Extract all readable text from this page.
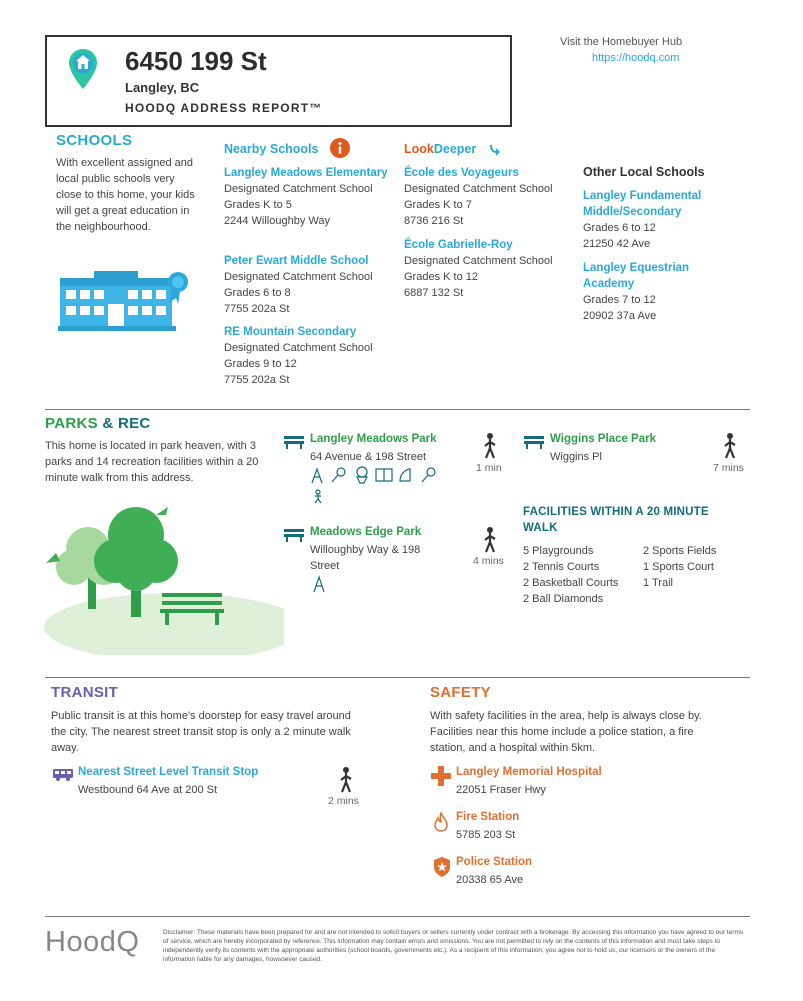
6450 199 St
Langley, BC
HOODQ ADDRESS REPORT™
Visit the Homebuyer Hub
https://hoodq.com
SCHOOLS
With excellent assigned and local public schools very close to this home, your kids will get a great education in the neighbourhood.
Nearby Schools
Langley Meadows Elementary
Designated Catchment School
Grades K to 5
2244 Willoughby Way
Peter Ewart Middle School
Designated Catchment School
Grades 6 to 8
7755 202a St
RE Mountain Secondary
Designated Catchment School
Grades 9 to 12
7755 202a St
LookDeeper
École des Voyageurs
Designated Catchment School
Grades K to 7
8736 216 St
École Gabrielle-Roy
Designated Catchment School
Grades K to 12
6887 132 St
Other Local Schools
Langley Fundamental Middle/Secondary
Grades 6 to 12
21250 42 Ave
Langley Equestrian Academy
Grades 7 to 12
20902 37a Ave
PARKS & REC
This home is located in park heaven, with 3 parks and 14 recreation facilities within a 20 minute walk from this address.
Langley Meadows Park
64 Avenue & 198 Street
1 min
Wiggins Place Park
Wiggins Pl
7 mins
Meadows Edge Park
Willoughby Way & 198 Street	4 mins
FACILITIES WITHIN A 20 MINUTE WALK
5 Playgrounds
2 Tennis Courts
2 Basketball Courts
2 Ball Diamonds
2 Sports Fields
1 Sports Court
1 Trail
TRANSIT
Public transit is at this home's doorstep for easy travel around the city. The nearest street transit stop is only a 2 minute walk away.
Nearest Street Level Transit Stop
Westbound 64 Ave at 200 St
2 mins
SAFETY
With safety facilities in the area, help is always close by. Facilities near this home include a police station, a fire station, and a hospital within 5km.
Langley Memorial Hospital
22051 Fraser Hwy
Fire Station
5785 203 St
Police Station
20338 65 Ave
HoodQ	Disclaimer: These materials have been prepared for and are not intended to solicit buyers or sellers currently under contract with a brokerage. By accessing this information you have agreed to our terms of service, which are hereby incorporated by reference. This information may contain errors and omissions. You are not permitted to rely on the contents of this information and must take steps to independently verify its contents with the appropriate authorities (school boards, governments etc.). As a recipient of this information, you agree not to hold us, our licensors or the owners of the information liable for any damages, howsoever caused.
